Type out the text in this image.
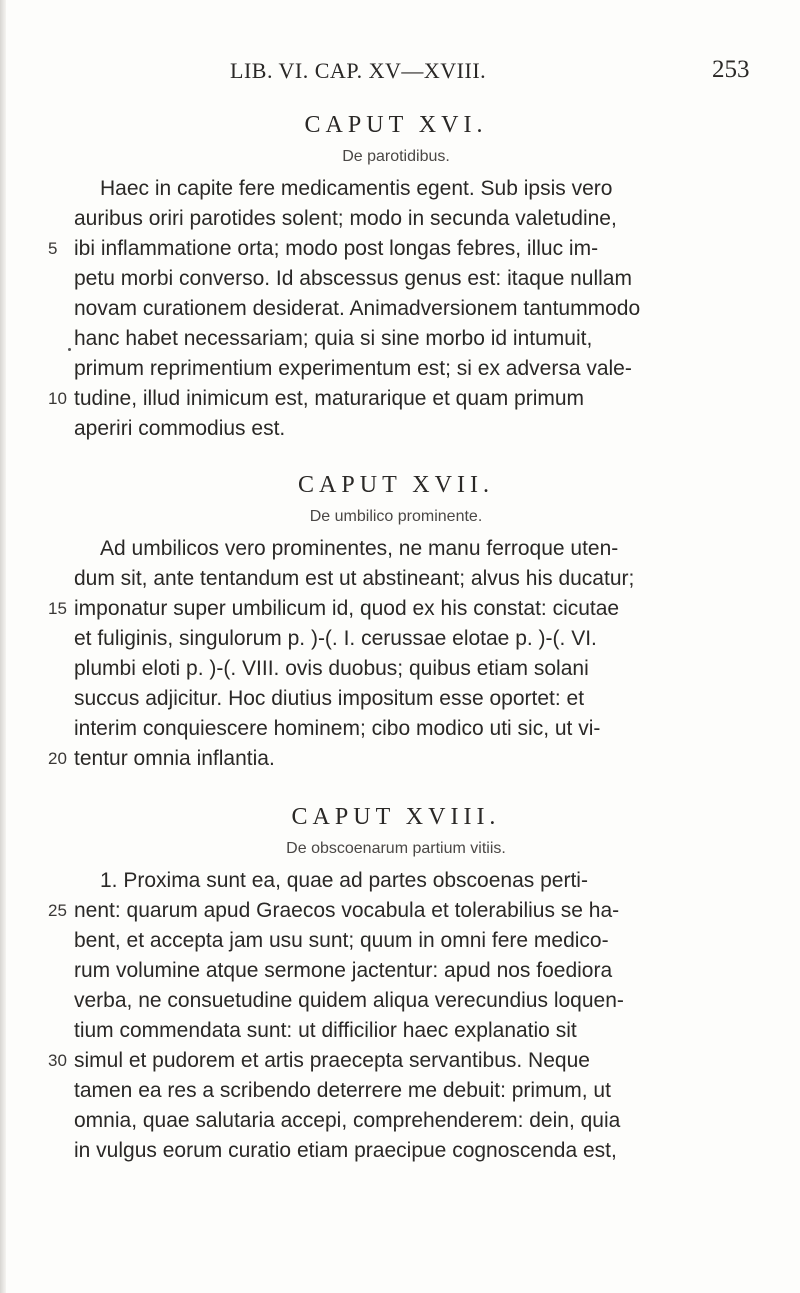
LIB. VI. CAP. XV—XVIII.	253
CAPUT XVI.
De parotidibus.
Haec in capite fere medicamentis egent. Sub ipsis vero
auribus oriri parotides solent; modo in secunda valetudine,
5 ibi inflammatione orta; modo post longas febres, illuc im-
petu morbi converso. Id abscessus genus est: itaque nullam
novam curationem desiderat. Animadversionem tantummodo
hanc habet necessariam; quia si sine morbo id intumuit,
primum reprimentium experimentum est; si ex adversa vale-
10 tudine, illud inimicum est, maturarique et quam primum
aperiri commodius est.
CAPUT XVII.
De umbilico prominente.
Ad umbilicos vero prominentes, ne manu ferroque uten-
dum sit, ante tentandum est ut abstineant; alvus his ducatur;
15 imponatur super umbilicum id, quod ex his constat: cicutae
et fuliginis, singulorum p. )-(. I. cerussae elotae p. )-(. VI.
plumbi eloti p. )-(. VIII. ovis duobus; quibus etiam solani
succus adjicitur. Hoc diutius impositum esse oportet: et
interim conquiescere hominem; cibo modico uti sic, ut vi-
20 tentur omnia inflantia.
CAPUT XVIII.
De obscoenarum partium vitiis.
1. Proxima sunt ea, quae ad partes obscoenas perti-
25 nent: quarum apud Graecos vocabula et tolerabilius se ha-
bent, et accepta jam usu sunt; quum in omni fere medico-
rum volumine atque sermone jactentur: apud nos foediora
verba, ne consuetudine quidem aliqua verecundius loquen-
tium commendata sunt: ut difficilior haec explanatio sit
30 simul et pudorem et artis praecepta servantibus. Neque
tamen ea res a scribendo deterrere me debuit: primum, ut
omnia, quae salutaria accepi, comprehenderem: dein, quia
in vulgus eorum curatio etiam praecipue cognoscenda est,
